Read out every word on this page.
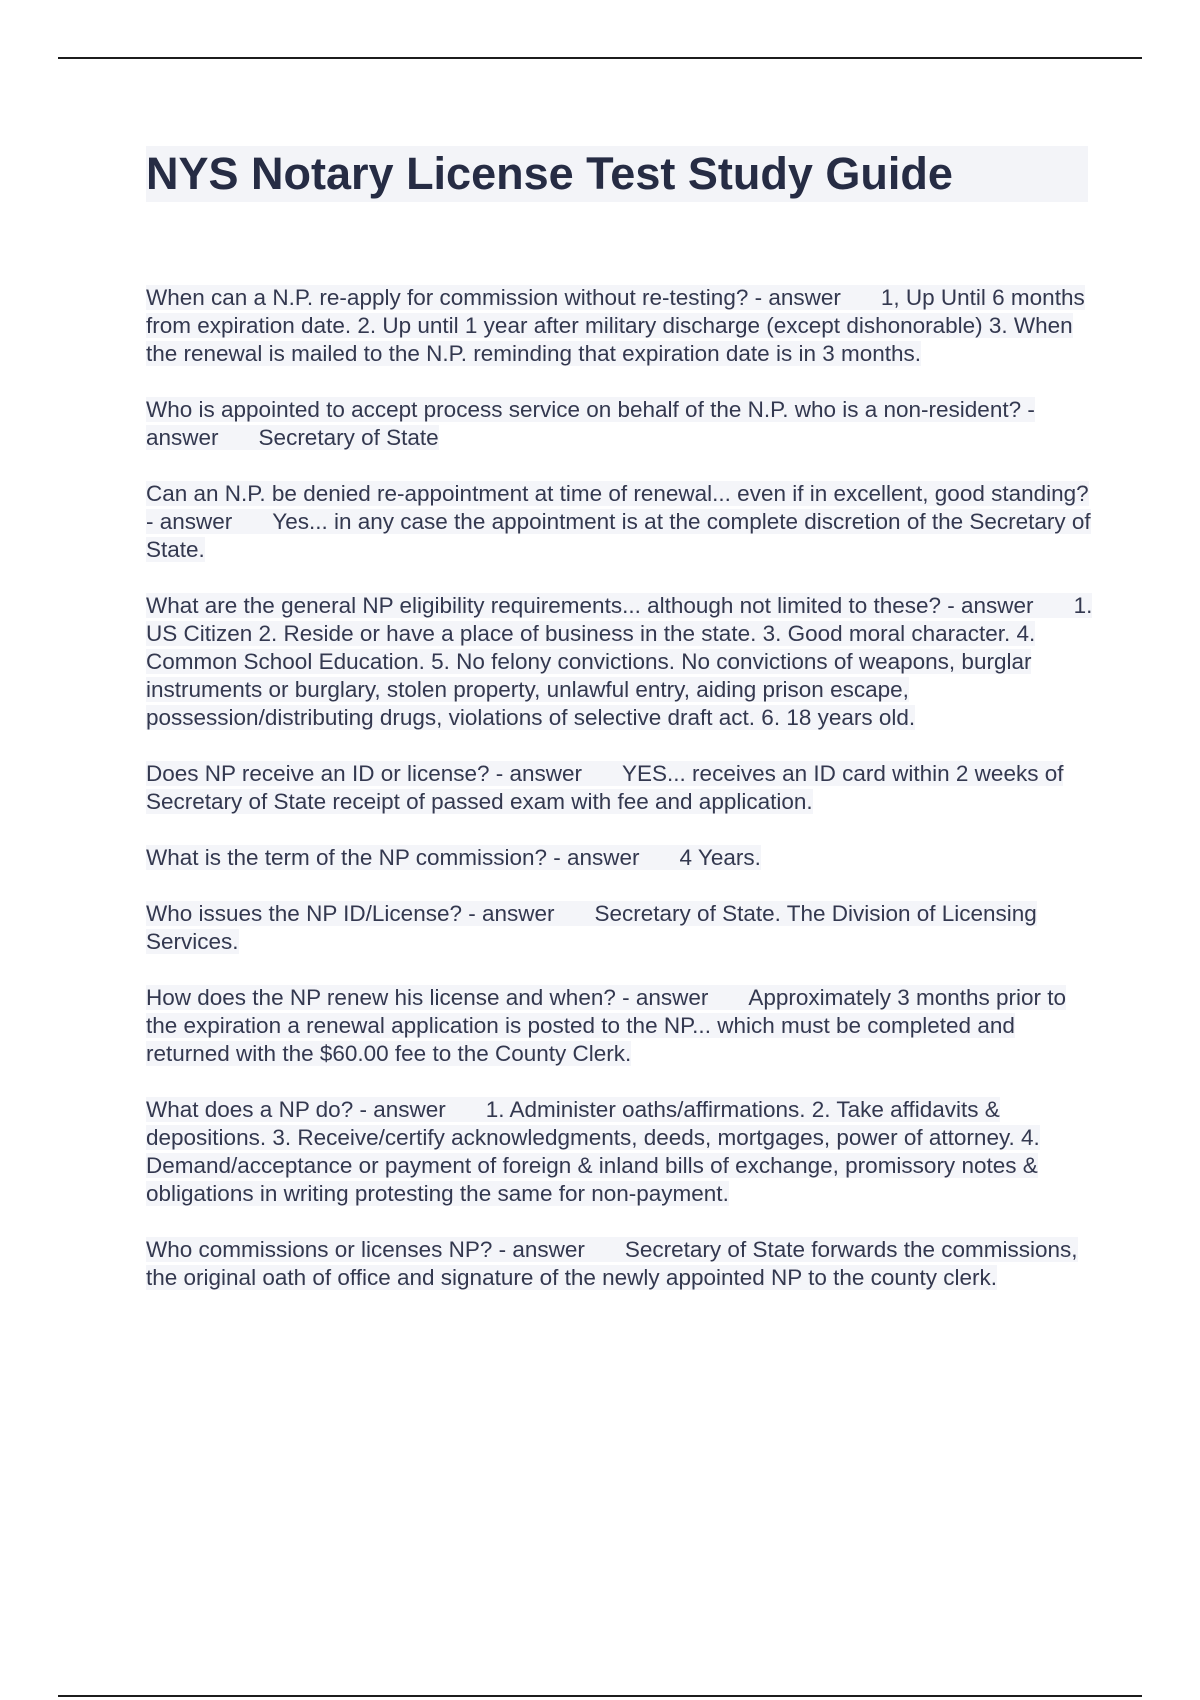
NYS Notary License Test Study Guide
When can a N.P. re-apply for commission without re-testing? - answer 1, Up Until 6 months from expiration date. 2. Up until 1 year after military discharge (except dishonorable) 3. When the renewal is mailed to the N.P. reminding that expiration date is in 3 months.
Who is appointed to accept process service on behalf of the N.P. who is a non-resident? - answer Secretary of State
Can an N.P. be denied re-appointment at time of renewal... even if in excellent, good standing? - answer Yes... in any case the appointment is at the complete discretion of the Secretary of State.
What are the general NP eligibility requirements... although not limited to these? - answer 1. US Citizen 2. Reside or have a place of business in the state. 3. Good moral character. 4. Common School Education. 5. No felony convictions. No convictions of weapons, burglar instruments or burglary, stolen property, unlawful entry, aiding prison escape, possession/distributing drugs, violations of selective draft act. 6. 18 years old.
Does NP receive an ID or license? - answer YES... receives an ID card within 2 weeks of Secretary of State receipt of passed exam with fee and application.
What is the term of the NP commission? - answer 4 Years.
Who issues the NP ID/License? - answer Secretary of State. The Division of Licensing Services.
How does the NP renew his license and when? - answer Approximately 3 months prior to the expiration a renewal application is posted to the NP... which must be completed and returned with the $60.00 fee to the County Clerk.
What does a NP do? - answer 1. Administer oaths/affirmations. 2. Take affidavits & depositions. 3. Receive/certify acknowledgments, deeds, mortgages, power of attorney. 4. Demand/acceptance or payment of foreign & inland bills of exchange, promissory notes & obligations in writing protesting the same for non-payment.
Who commissions or licenses NP? - answer Secretary of State forwards the commissions, the original oath of office and signature of the newly appointed NP to the county clerk.
